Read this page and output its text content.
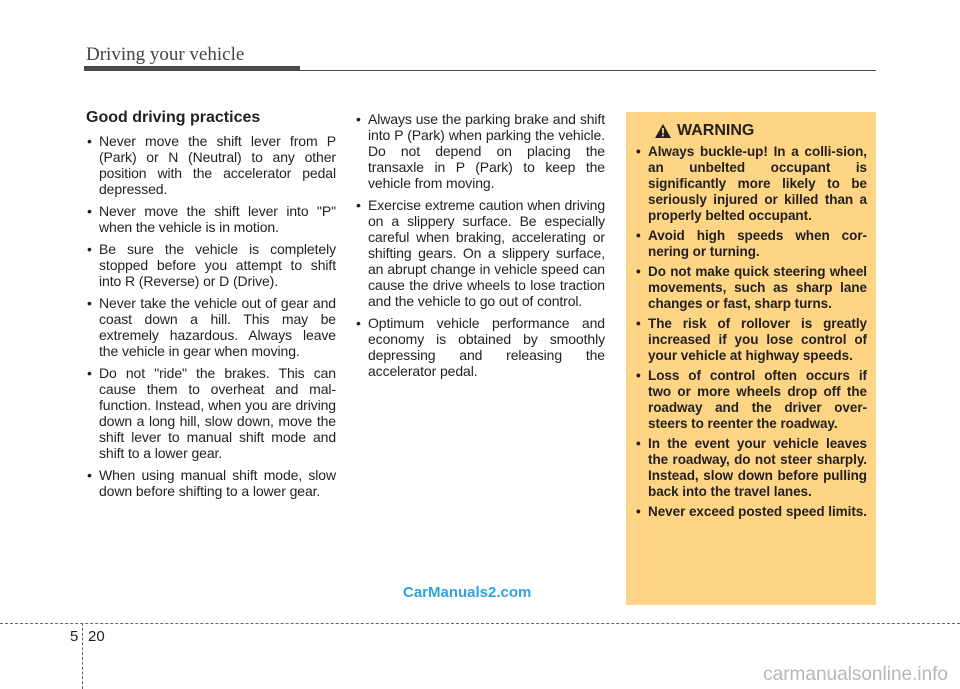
Driving your vehicle
Good driving practices
• Never move the shift lever from P (Park) or N (Neutral) to any other position with the accelerator pedal depressed.
• Never move the shift lever into "P" when the vehicle is in motion.
• Be sure the vehicle is completely stopped before you attempt to shift into R (Reverse) or D (Drive).
• Never take the vehicle out of gear and coast down a hill. This may be extremely hazardous. Always leave the vehicle in gear when moving.
• Do not "ride" the brakes. This can cause them to overheat and mal-function. Instead, when you are driving down a long hill, slow down, move the shift lever to manual shift mode and shift to a lower gear.
• When using manual shift mode, slow down before shifting to a lower gear.
• Always use the parking brake and shift into P (Park) when parking the vehicle. Do not depend on placing the transaxle in P (Park) to keep the vehicle from moving.
• Exercise extreme caution when driving on a slippery surface. Be especially careful when braking, accelerating or shifting gears. On a slippery surface, an abrupt change in vehicle speed can cause the drive wheels to lose traction and the vehicle to go out of control.
• Optimum vehicle performance and economy is obtained by smoothly depressing and releasing the accelerator pedal.
WARNING
• Always buckle-up! In a colli-sion, an unbelted occupant is significantly more likely to be seriously injured or killed than a properly belted occupant.
• Avoid high speeds when cor-nering or turning.
• Do not make quick steering wheel movements, such as sharp lane changes or fast, sharp turns.
• The risk of rollover is greatly increased if you lose control of your vehicle at highway speeds.
• Loss of control often occurs if two or more wheels drop off the roadway and the driver over-steers to reenter the roadway.
• In the event your vehicle leaves the roadway, do not steer sharply. Instead, slow down before pulling back into the travel lanes.
• Never exceed posted speed limits.
CarManuals2.com
5 20
carmanualsonline.info
